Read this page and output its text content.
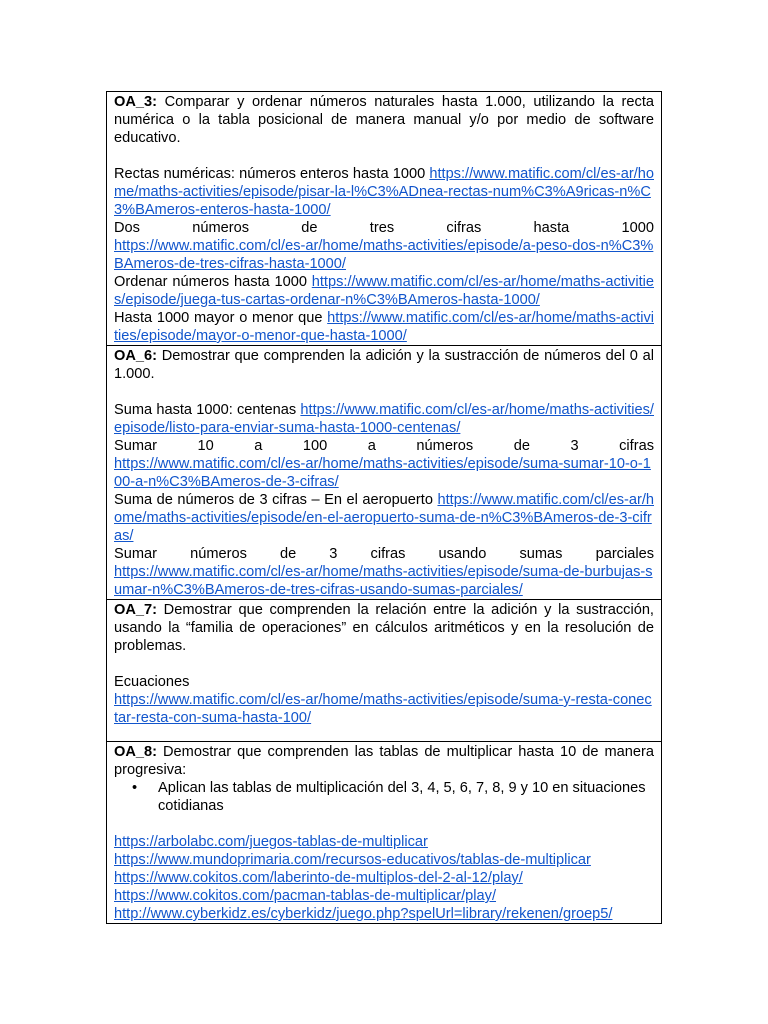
OA_3: Comparar y ordenar números naturales hasta 1.000, utilizando la recta numérica o la tabla posicional de manera manual y/o por medio de software educativo.

Rectas numéricas: números enteros hasta 1000 https://www.matific.com/cl/es-ar/home/maths-activities/episode/pisar-la-l%C3%ADnea-rectas-num%C3%A9ricas-n%C3%BAmeros-enteros-hasta-1000/

Dos números de tres cifras hasta 1000

https://www.matific.com/cl/es-ar/home/maths-activities/episode/a-peso-dos-n%C3%BAmeros-de-tres-cifras-hasta-1000/

Ordenar números hasta 1000 https://www.matific.com/cl/es-ar/home/maths-activities/episode/juega-tus-cartas-ordenar-n%C3%BAmeros-hasta-1000/

Hasta 1000 mayor o menor que https://www.matific.com/cl/es-ar/home/maths-activities/episode/mayor-o-menor-que-hasta-1000/

OA_6: Demostrar que comprenden la adición y la sustracción de números del 0 al 1.000.

Suma hasta 1000: centenas https://www.matific.com/cl/es-ar/home/maths-activities/episode/listo-para-enviar-suma-hasta-1000-centenas/

Sumar 10 a 100 a números de 3 cifras

https://www.matific.com/cl/es-ar/home/maths-activities/episode/suma-sumar-10-o-100-a-n%C3%BAmeros-de-3-cifras/

Suma de números de 3 cifras – En el aeropuerto https://www.matific.com/cl/es-ar/home/maths-activities/episode/en-el-aeropuerto-suma-de-n%C3%BAmeros-de-3-cifras/

Sumar números de 3 cifras usando sumas parciales

https://www.matific.com/cl/es-ar/home/maths-activities/episode/suma-de-burbujas-sumar-n%C3%BAmeros-de-tres-cifras-usando-sumas-parciales/

OA_7: Demostrar que comprenden la relación entre la adición y la sustracción, usando la “familia de operaciones” en cálculos aritméticos y en la resolución de problemas.

Ecuaciones

https://www.matific.com/cl/es-ar/home/maths-activities/episode/suma-y-resta-conectar-resta-con-suma-hasta-100/

OA_8: Demostrar que comprenden las tablas de multiplicar hasta 10 de manera progresiva:

• Aplican las tablas de multiplicación del 3, 4, 5, 6, 7, 8, 9 y 10 en situaciones cotidianas

https://arbolabc.com/juegos-tablas-de-multiplicar

https://www.mundoprimaria.com/recursos-educativos/tablas-de-multiplicar

https://www.cokitos.com/laberinto-de-multiplos-del-2-al-12/play/

https://www.cokitos.com/pacman-tablas-de-multiplicar/play/

http://www.cyberkidz.es/cyberkidz/juego.php?spelUrl=library/rekenen/groep5/
